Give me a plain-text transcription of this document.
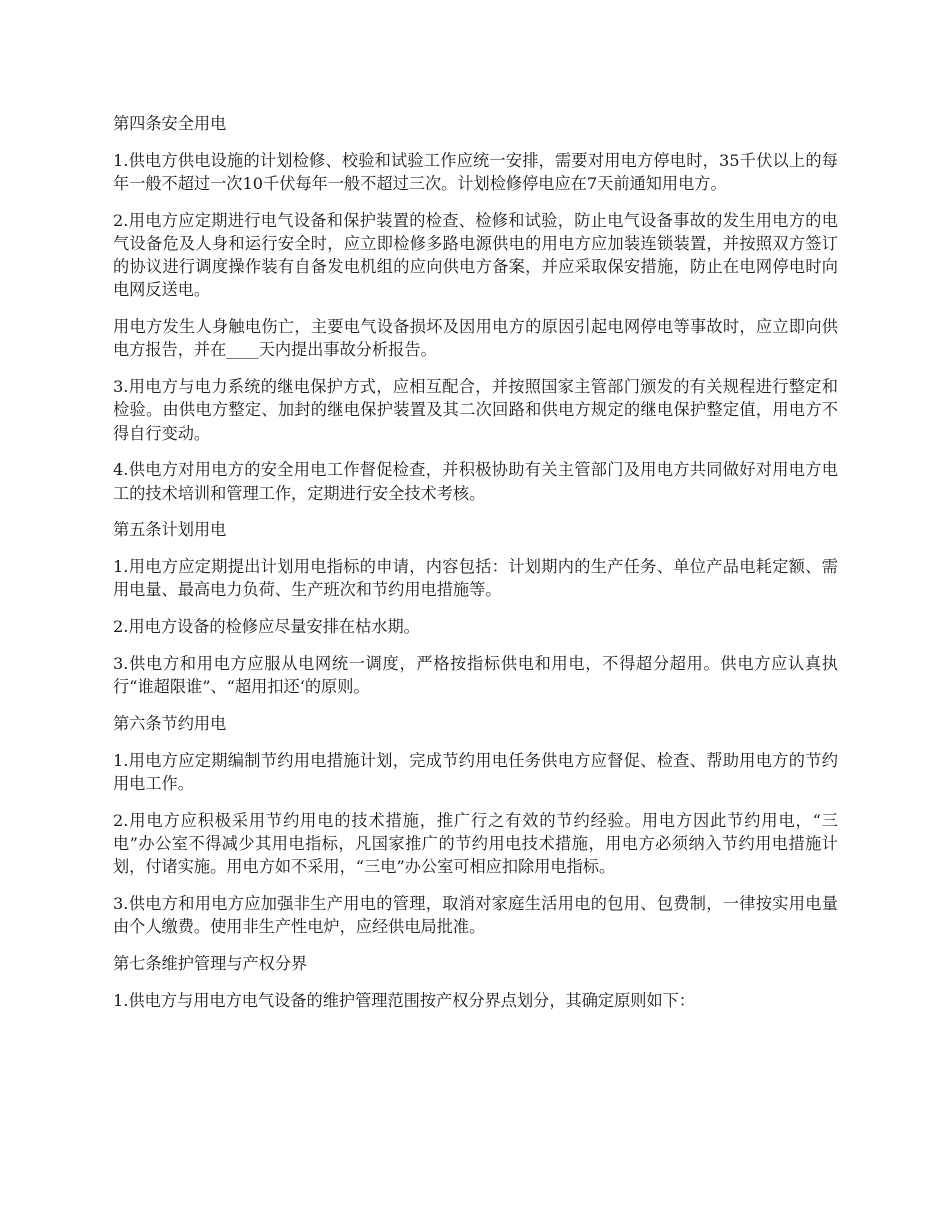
第四条安全用电

1.供电方供电设施的计划检修、校验和试验工作应统一安排，需要对用电方停电时，35千伏以上的每年一般不超过一次10千伏每年一般不超过三次。计划检修停电应在7天前通知用电方。

2.用电方应定期进行电气设备和保护装置的检查、检修和试验，防止电气设备事故的发生用电方的电气设备危及人身和运行安全时，应立即检修多路电源供电的用电方应加装连锁装置，并按照双方签订的协议进行调度操作装有自备发电机组的应向供电方备案，并应采取保安措施，防止在电网停电时向电网反送电。

用电方发生人身触电伤亡，主要电气设备损坏及因用电方的原因引起电网停电等事故时，应立即向供电方报告，并在____天内提出事故分析报告。

3.用电方与电力系统的继电保护方式，应相互配合，并按照国家主管部门颁发的有关规程进行整定和检验。由供电方整定、加封的继电保护装置及其二次回路和供电方规定的继电保护整定值，用电方不得自行变动。

4.供电方对用电方的安全用电工作督促检查，并积极协助有关主管部门及用电方共同做好对用电方电工的技术培训和管理工作，定期进行安全技术考核。

第五条计划用电

1.用电方应定期提出计划用电指标的申请，内容包括：计划期内的生产任务、单位产品电耗定额、需用电量、最高电力负荷、生产班次和节约用电措施等。

2.用电方设备的检修应尽量安排在枯水期。

3.供电方和用电方应服从电网统一调度，严格按指标供电和用电，不得超分超用。供电方应认真执行“谁超限谁”、“超用扣还‘的原则。

第六条节约用电

1.用电方应定期编制节约用电措施计划，完成节约用电任务供电方应督促、检查、帮助用电方的节约用电工作。

2.用电方应积极采用节约用电的技术措施，推广行之有效的节约经验。用电方因此节约用电，“三电”办公室不得减少其用电指标，凡国家推广的节约用电技术措施，用电方必须纳入节约用电措施计划，付诸实施。用电方如不采用，“三电”办公室可相应扣除用电指标。

3.供电方和用电方应加强非生产用电的管理，取消对家庭生活用电的包用、包费制，一律按实用电量由个人缴费。使用非生产性电炉，应经供电局批准。

第七条维护管理与产权分界

1.供电方与用电方电气设备的维护管理范围按产权分界点划分，其确定原则如下：
